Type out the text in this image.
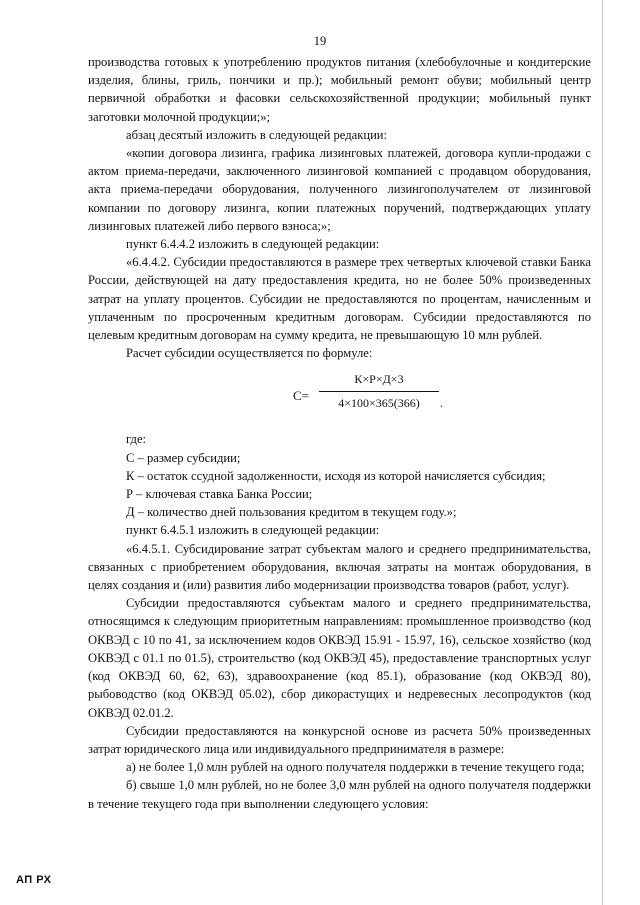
19

производства готовых к употреблению продуктов питания (хлебобулочные и кондитерские изделия, блины, гриль, пончики и пр.); мобильный ремонт обуви; мобильный центр первичной обработки и фасовки сельскохозяйственной продукции; мобильный пункт заготовки молочной продукции;»;

абзац десятый изложить в следующей редакции:

«копии договора лизинга, графика лизинговых платежей, договора купли-продажи с актом приема-передачи, заключенного лизинговой компанией с продавцом оборудования, акта приема-передачи оборудования, полученного лизингополучателем от лизинговой компании по договору лизинга, копии платежных поручений, подтверждающих уплату лизинговых платежей либо первого взноса;»;

пункт 6.4.4.2 изложить в следующей редакции:

«6.4.4.2. Субсидии предоставляются в размере трех четвертых ключевой ставки Банка России, действующей на дату предоставления кредита, но не более 50% произведенных затрат на уплату процентов. Субсидии не предоставляются по процентам, начисленным и уплаченным по просроченным кредитным договорам. Субсидии предоставляются по целевым кредитным договорам на сумму кредита, не превышающую 10 млн рублей.

Расчет субсидии осуществляется по формуле:

С=
К×Р×Д×3
4×100×365(366)	.

где:

С – размер субсидии;

К – остаток ссудной задолженности, исходя из которой начисляется субсидия;

Р – ключевая ставка Банка России;

Д – количество дней пользования кредитом в текущем году.»;

пункт 6.4.5.1 изложить в следующей редакции:

«6.4.5.1. Субсидирование затрат субъектам малого и среднего предпринимательства, связанных с приобретением оборудования, включая затраты на монтаж оборудования, в целях создания и (или) развития либо модернизации производства товаров (работ, услуг).

Субсидии предоставляются субъектам малого и среднего предпринимательства, относящимся к следующим приоритетным направлениям: промышленное производство (код ОКВЭД с 10 по 41, за исключением кодов ОКВЭД 15.91 - 15.97, 16), сельское хозяйство (код ОКВЭД с 01.1 по 01.5), строительство (код ОКВЭД 45), предоставление транспортных услуг (код ОКВЭД 60, 62, 63), здравоохранение (код 85.1), образование (код ОКВЭД 80), рыбоводство (код ОКВЭД 05.02), сбор дикорастущих и недревесных лесопродуктов (код ОКВЭД 02.01.2.

Субсидии предоставляются на конкурсной основе из расчета 50% произведенных затрат юридического лица или индивидуального предпринимателя в размере:

а) не более 1,0 млн рублей на одного получателя поддержки в течение текущего года;

б) свыше 1,0 млн рублей, но не более 3,0 млн рублей на одного получателя поддержки в течение текущего года при выполнении следующего условия:

АП РХ
